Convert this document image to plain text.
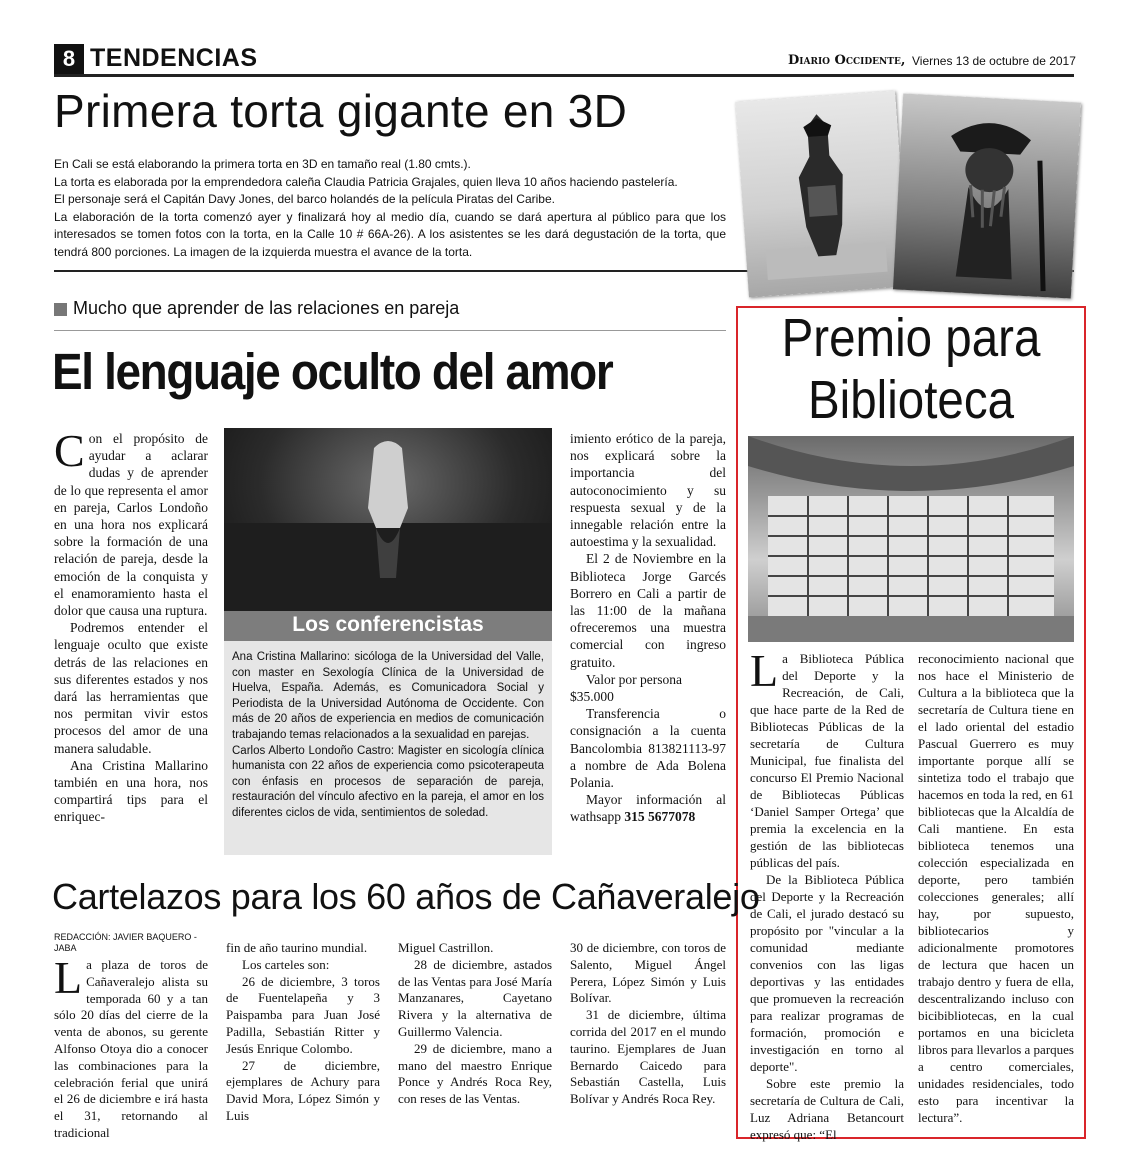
8 TENDENCIAS	Diario Occidente, Viernes 13 de octubre de 2017
Primera torta gigante en 3D
En Cali se está elaborando la primera torta en 3D en tamaño real (1.80 cmts.).
La torta es elaborada por la emprendedora caleña Claudia Patricia Grajales, quien lleva 10 años haciendo pastelería.
El personaje será el Capitán Davy Jones, del barco holandés de la película Piratas del Caribe.
La elaboración de la torta comenzó ayer y finalizará hoy al medio día, cuando se dará apertura al público para que los interesados se tomen fotos con la torta, en la Calle 10 # 66A-26). A los asistentes se les dará degustación de la torta, que tendrá 800 porciones. La imagen de la izquierda muestra el avance de la torta.
Mucho que aprender de las relaciones en pareja
El lenguaje oculto del amor

Con el propósito de ayudar a aclarar dudas y de aprender de lo que representa el amor en pareja, Carlos Londoño en una hora nos explicará sobre la formación de una relación de pareja, desde la emoción de la conquista y el enamoramiento hasta el dolor que causa una ruptura.

Podremos entender el lenguaje oculto que existe detrás de las relaciones en sus diferentes estados y nos dará las herramientas que nos permitan vivir estos procesos del amor de una manera saludable.

Ana Cristina Mallarino también en una hora, nos compartirá tips para el enriquec-

Los conferencistas
Ana Cristina Mallarino: sicóloga de la Universidad del Valle, con master en Sexología Clínica de la Universidad de Huelva, España. Además, es Comunicadora Social y Periodista de la Universidad Autónoma de Occidente. Con más de 20 años de experiencia en medios de comunicación trabajando temas relacionados a la sexualidad en parejas.
Carlos Alberto Londoño Castro: Magister en sicología clínica humanista con 22 años de experiencia como psicoterapeuta con énfasis en procesos de separación de pareja, restauración del vínculo afectivo en la pareja, el amor en los diferentes ciclos de vida, sentimientos de soledad.

imiento erótico de la pareja, nos explicará sobre la importancia del autoconocimiento y su respuesta sexual y de la innegable relación entre la autoestima y la sexualidad.

El 2 de Noviembre en la Biblioteca Jorge Garcés Borrero en Cali a partir de las 11:00 de la mañana ofreceremos una muestra comercial con ingreso gratuito.

Valor por persona

$35.000

Transferencia o consignación a la cuenta Bancolombia 813821113-97 a nombre de Ada Bolena Polania.

Mayor información al wathsapp 315 5677078

Premio para
Biblioteca

La Biblioteca Pública del Deporte y la Recreación, de Cali, que hace parte de la Red de Bibliotecas Públicas de la secretaría de Cultura Municipal, fue finalista del concurso El Premio Nacional de Bibliotecas Públicas ‘Daniel Samper Ortega’ que premia la excelencia en la gestión de las bibliotecas públicas del país.

De la Biblioteca Pública del Deporte y la Recreación de Cali, el jurado destacó su propósito por "vincular a la comunidad mediante convenios con las ligas deportivas y las entidades que promueven la recreación para realizar programas de formación, promoción e investigación en torno al deporte".

Sobre este premio la secretaría de Cultura de Cali, Luz Adriana Betancourt expresó que: “El

reconocimiento nacional que nos hace el Ministerio de Cultura a la biblioteca que la secretaría de Cultura tiene en el lado oriental del estadio Pascual Guerrero es muy importante porque allí se sintetiza todo el trabajo que hacemos en toda la red, en 61 bibliotecas que la Alcaldía de Cali mantiene. En esta biblioteca tenemos una colección especializada en deporte, pero también colecciones generales; allí hay, por supuesto, bibliotecarios y adicionalmente promotores de lectura que hacen un trabajo dentro y fuera de ella, descentralizando incluso con bicibibliotecas, en la cual portamos en una bicicleta libros para llevarlos a parques a centro comerciales, unidades residenciales, todo esto para incentivar la lectura”.

Cartelazos para los 60 años de Cañaveralejo
REDACCIÓN: JAVIER BAQUERO - JABA

La plaza de toros de Cañaveralejo alista su temporada 60 y a tan sólo 20 días del cierre de la venta de abonos, su gerente Alfonso Otoya dio a conocer las combinaciones para la celebración ferial que unirá el 26 de diciembre e irá hasta el 31, retornando al tradicional

fin de año taurino mundial.

Los carteles son:

26 de diciembre, 3 toros de Fuentelapeña y 3 Paispamba para Juan José Padilla, Sebastián Ritter y Jesús Enrique Colombo.

27 de diciembre, ejemplares de Achury para David Mora, López Simón y Luis

Miguel Castrillon.

28 de diciembre, astados de las Ventas para José María Manzanares, Cayetano Rivera y la alternativa de Guillermo Valencia.

29 de diciembre, mano a mano del maestro Enrique Ponce y Andrés Roca Rey, con reses de las Ventas.

30 de diciembre, con toros de Salento, Miguel Ángel Perera, López Simón y Luis Bolívar.

31 de diciembre, última corrida del 2017 en el mundo taurino. Ejemplares de Juan Bernardo Caicedo para Sebastián Castella, Luis Bolívar y Andrés Roca Rey.
